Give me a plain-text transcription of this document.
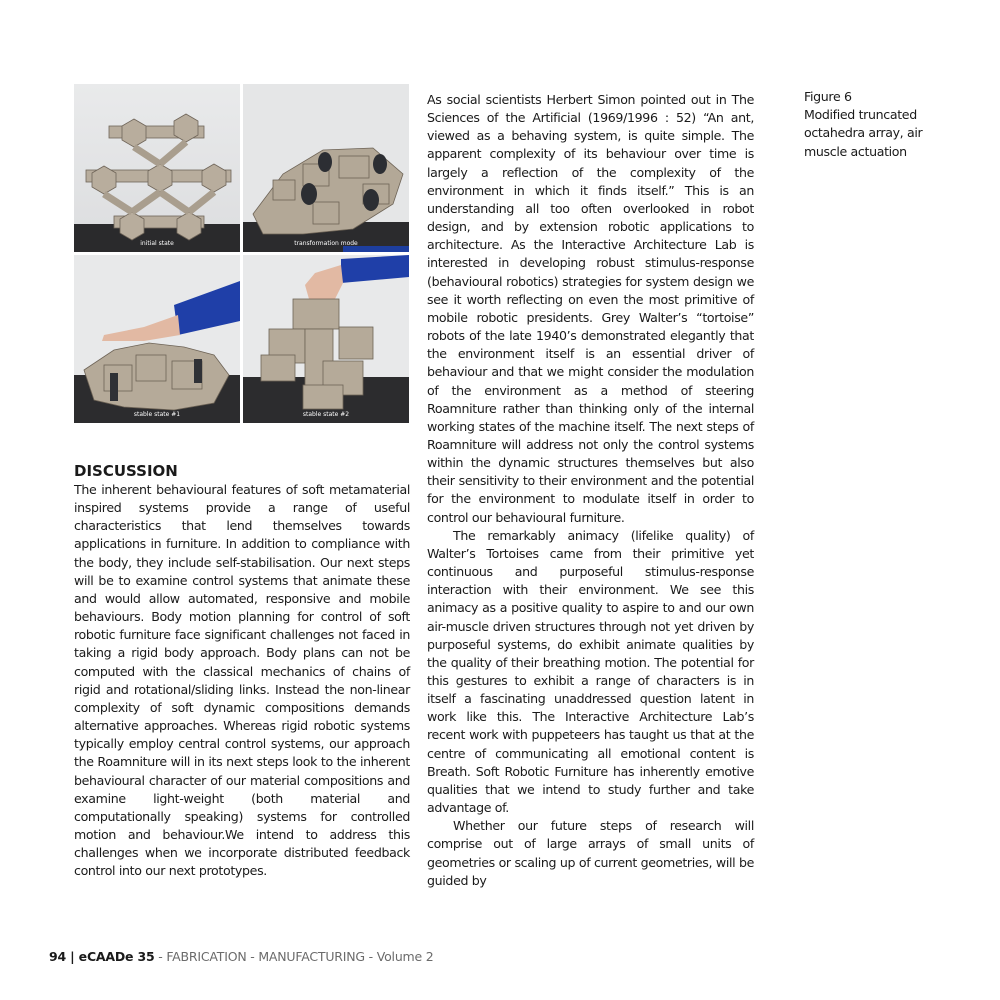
initial state	transformation mode
stable state #1	stable state #2
Figure 6
Modified truncated
octahedra array, air
muscle actuation
DISCUSSION

The inherent behavioural features of soft metamaterial inspired systems provide a range of useful characteristics that lend themselves towards applications in furniture. In addition to compliance with the body, they include self-stabilisation. Our next steps will be to examine control systems that animate these and would allow automated, responsive and mobile behaviours. Body motion planning for control of soft robotic furniture face significant challenges not faced in taking a rigid body approach. Body plans can not be computed with the classical mechanics of chains of rigid and rotational/sliding links. Instead the non-linear complexity of soft dynamic compositions demands alternative approaches. Whereas rigid robotic systems typically employ central control systems, our approach the Roamniture will in its next steps look to the inherent behavioural character of our material compositions and examine light-weight (both material and computationally speaking) systems for controlled motion and behaviour.We intend to address this challenges when we incorporate distributed feedback control into our next prototypes.

As social scientists Herbert Simon pointed out in The Sciences of the Artificial (1969/1996 : 52) “An ant, viewed as a behaving system, is quite simple. The apparent complexity of its behaviour over time is largely a reflection of the complexity of the environment in which it finds itself.” This is an understanding all too often overlooked in robot design, and by extension robotic applications to architecture. As the Interactive Architecture Lab is interested in developing robust stimulus-response (behavioural robotics) strategies for system design we see it worth reflecting on even the most primitive of mobile robotic presidents. Grey Walter’s “tortoise” robots of the late 1940’s demonstrated elegantly that the environment itself is an essential driver of behaviour and that we might consider the modulation of the environment as a method of steering Roamniture rather than thinking only of the internal working states of the machine itself. The next steps of Roamniture will address not only the control systems within the dynamic structures themselves but also their sensitivity to their environment and the potential for the environment to modulate itself in order to control our behavioural furniture.

The remarkably animacy (lifelike quality) of Walter’s Tortoises came from their primitive yet continuous and purposeful stimulus-response interaction with their environment. We see this animacy as a positive quality to aspire to and our own air-muscle driven structures through not yet driven by purposeful systems, do exhibit animate qualities by the quality of their breathing motion. The potential for this gestures to exhibit a range of characters is in itself a fascinating unaddressed question latent in work like this. The Interactive Architecture Lab’s recent work with puppeteers has taught us that at the centre of communicating all emotional content is Breath. Soft Robotic Furniture has inherently emotive qualities that we intend to study further and take advantage of.

Whether our future steps of research will comprise out of large arrays of small units of geometries or scaling up of current geometries, will be guided by

94 | eCAADe 35 - FABRICATION - MANUFACTURING - Volume 2
